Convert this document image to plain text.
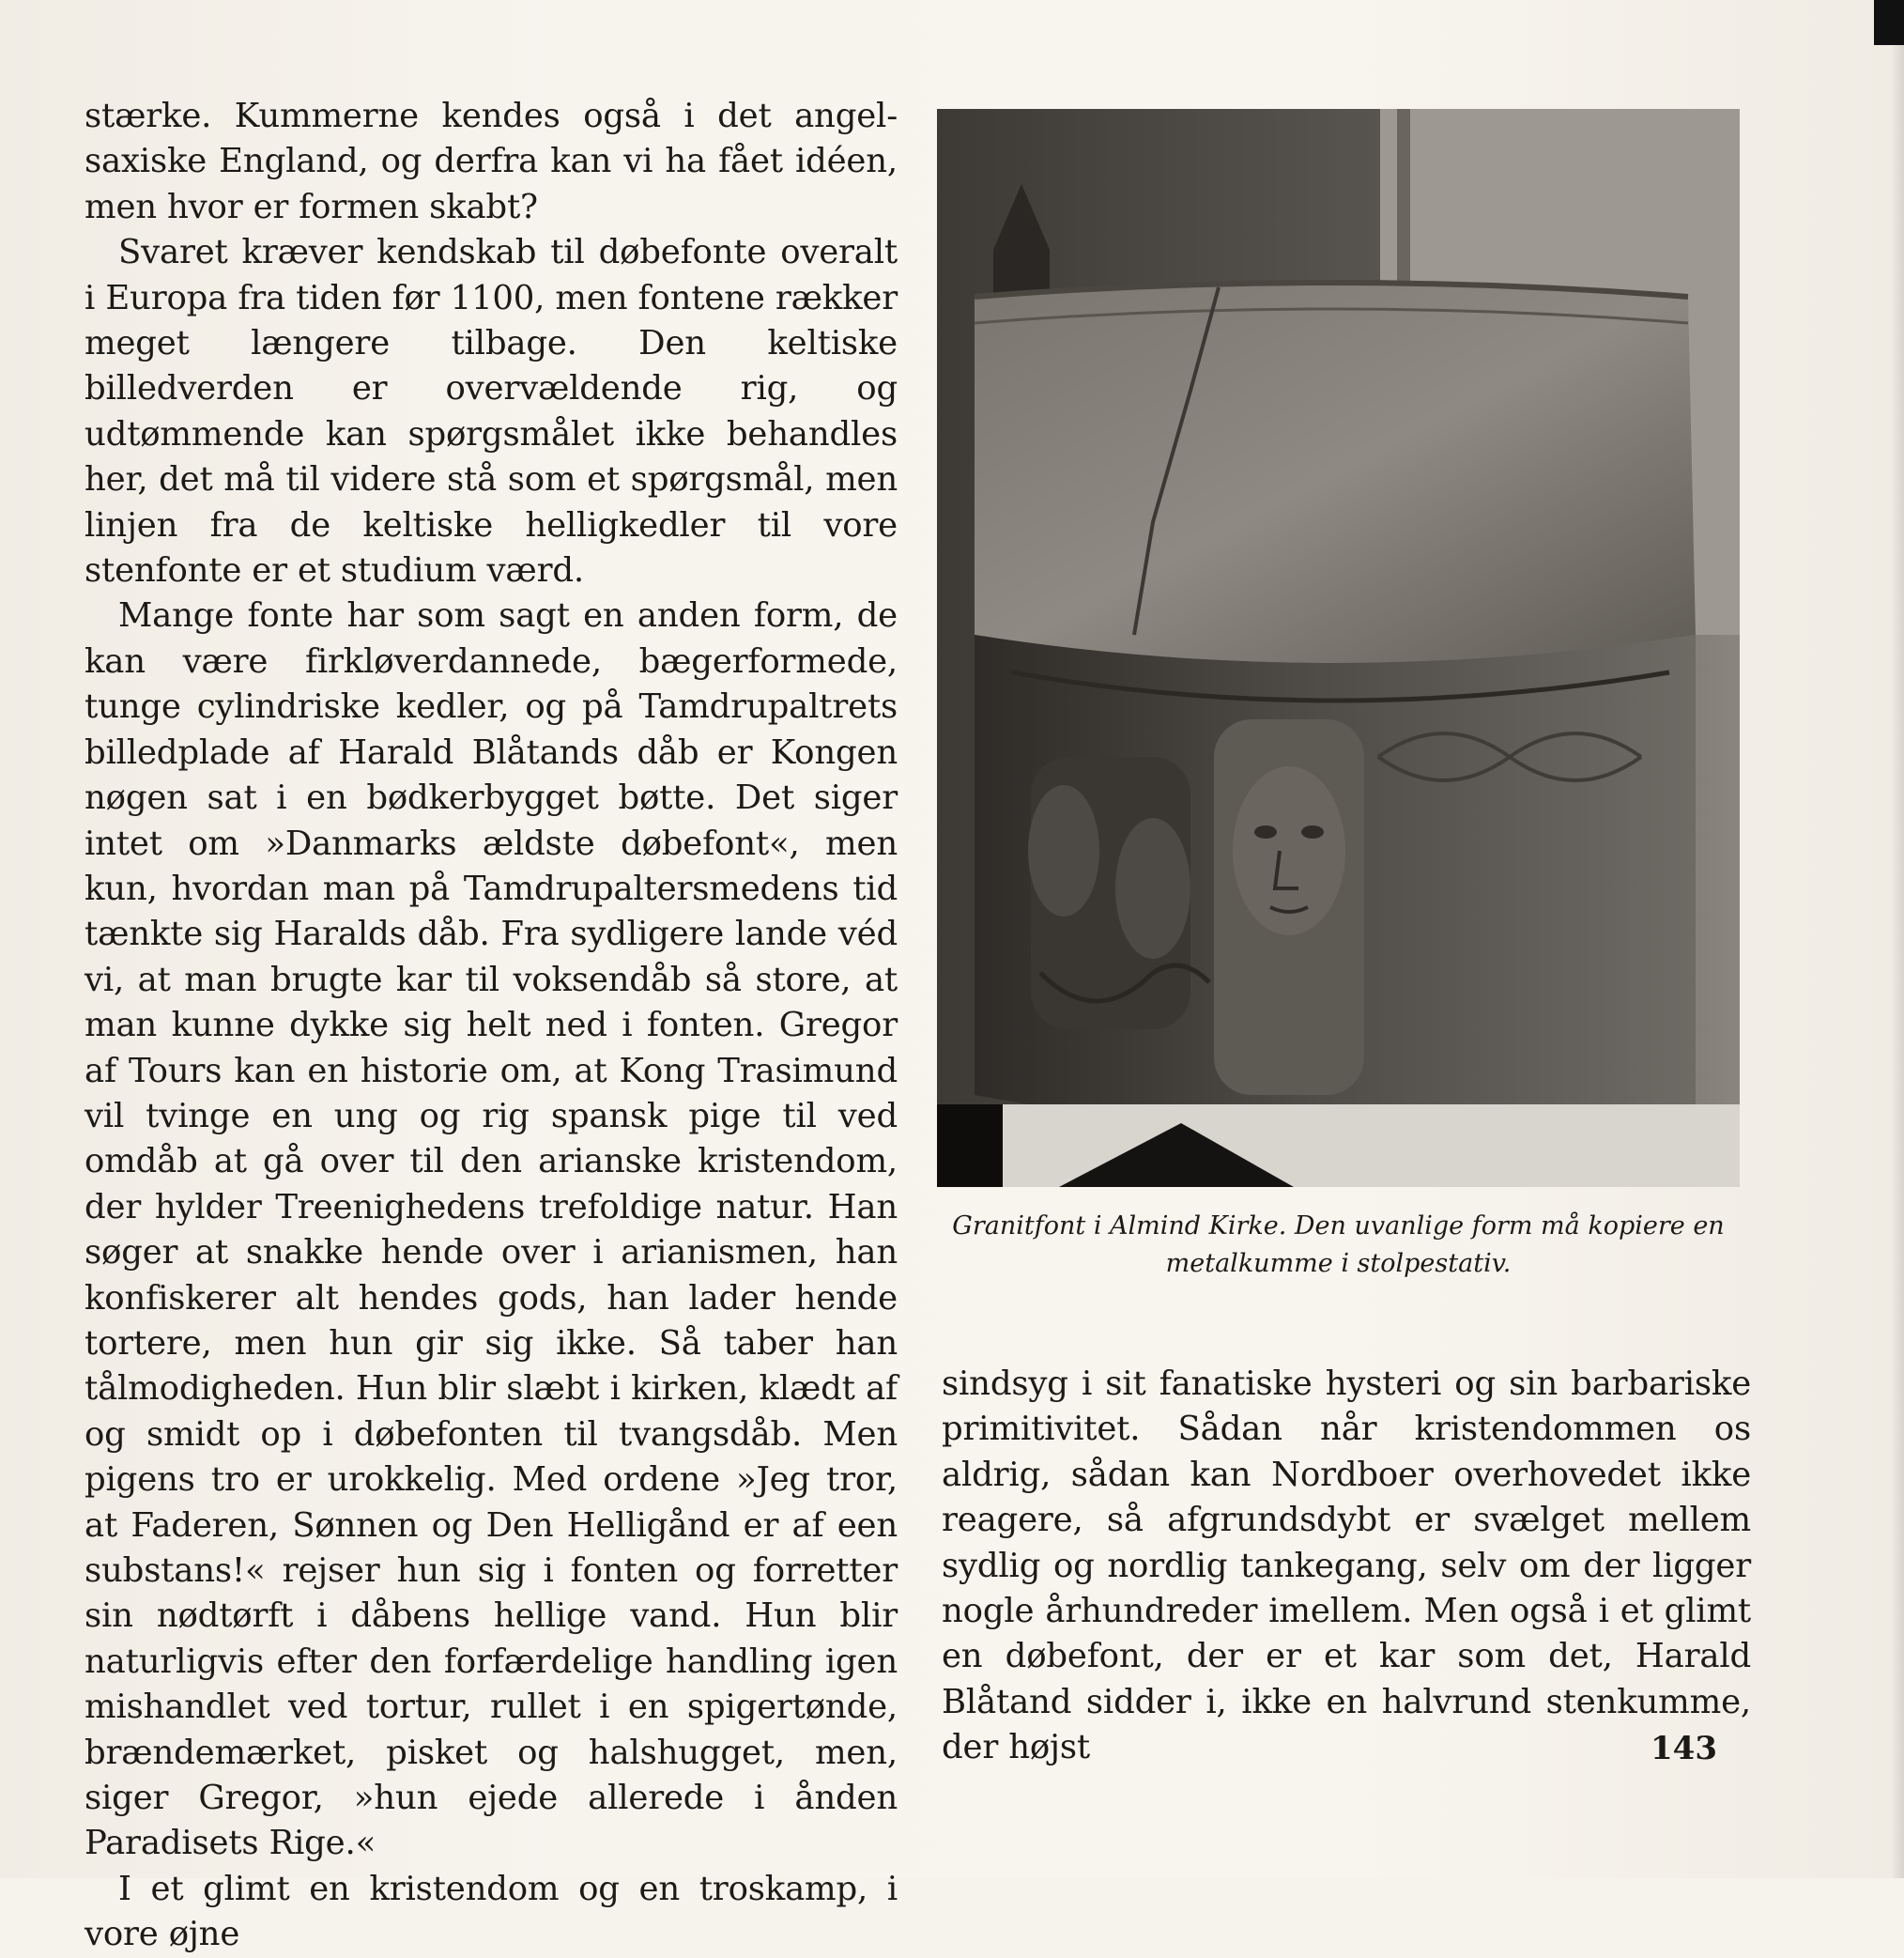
stærke. Kummerne kendes også i det angel-saxiske England, og derfra kan vi ha fået idéen, men hvor er formen skabt?

Svaret kræver kendskab til døbefonte overalt i Europa fra tiden før 1100, men fontene rækker meget længere tilbage. Den keltiske billedverden er overvældende rig, og udtømmende kan spørgsmålet ikke behandles her, det må til videre stå som et spørgsmål, men linjen fra de keltiske helligkedler til vore stenfonte er et studium værd.

Mange fonte har som sagt en anden form, de kan være firkløverdannede, bægerformede, tunge cylindriske kedler, og på Tamdrupaltrets billedplade af Harald Blåtands dåb er Kongen nøgen sat i en bødkerbygget bøtte. Det siger intet om »Danmarks ældste døbefont«, men kun, hvordan man på Tamdrupaltersmedens tid tænkte sig Haralds dåb. Fra sydligere lande véd vi, at man brugte kar til voksendåb så store, at man kunne dykke sig helt ned i fonten. Gregor af Tours kan en historie om, at Kong Trasimund vil tvinge en ung og rig spansk pige til ved omdåb at gå over til den arianske kristendom, der hylder Treenighedens trefoldige natur. Han søger at snakke hende over i arianismen, han konfiskerer alt hendes gods, han lader hende torterе, men hun gir sig ikke. Så taber han tålmodigheden. Hun blir slæbt i kirken, klædt af og smidt op i døbefonten til tvangsdåb. Men pigens tro er urokkelig. Med ordene »Jeg tror, at Faderen, Sønnen og Den Helligånd er af een substans!« rejser hun sig i fonten og forretter sin nødtørft i dåbens hellige vand. Hun blir naturligvis efter den forfærdelige handling igen mishandlet ved tortur, rullet i en spigertønde, brændemærket, pisket og halshugget, men, siger Gregor, »hun ejede allerede i ånden Paradisets Rige.«

I et glimt en kristendom og en troskamp, i vore øjne

Granitfont i Almind Kirke. Den uvanlige form må kopiere en metalkumme i stolpestativ.

sindsyg i sit fanatiske hysteri og sin barbariske primitivitet. Sådan når kristendommen os aldrig, sådan kan Nordboer overhovedet ikke reagere, så afgrundsdybt er svælget mellem sydlig og nordlig tankegang, selv om der ligger nogle århundreder imellem. Men også i et glimt en døbefont, der er et kar som det, Harald Blåtand sidder i, ikke en halvrund stenkumme, der højst	143
